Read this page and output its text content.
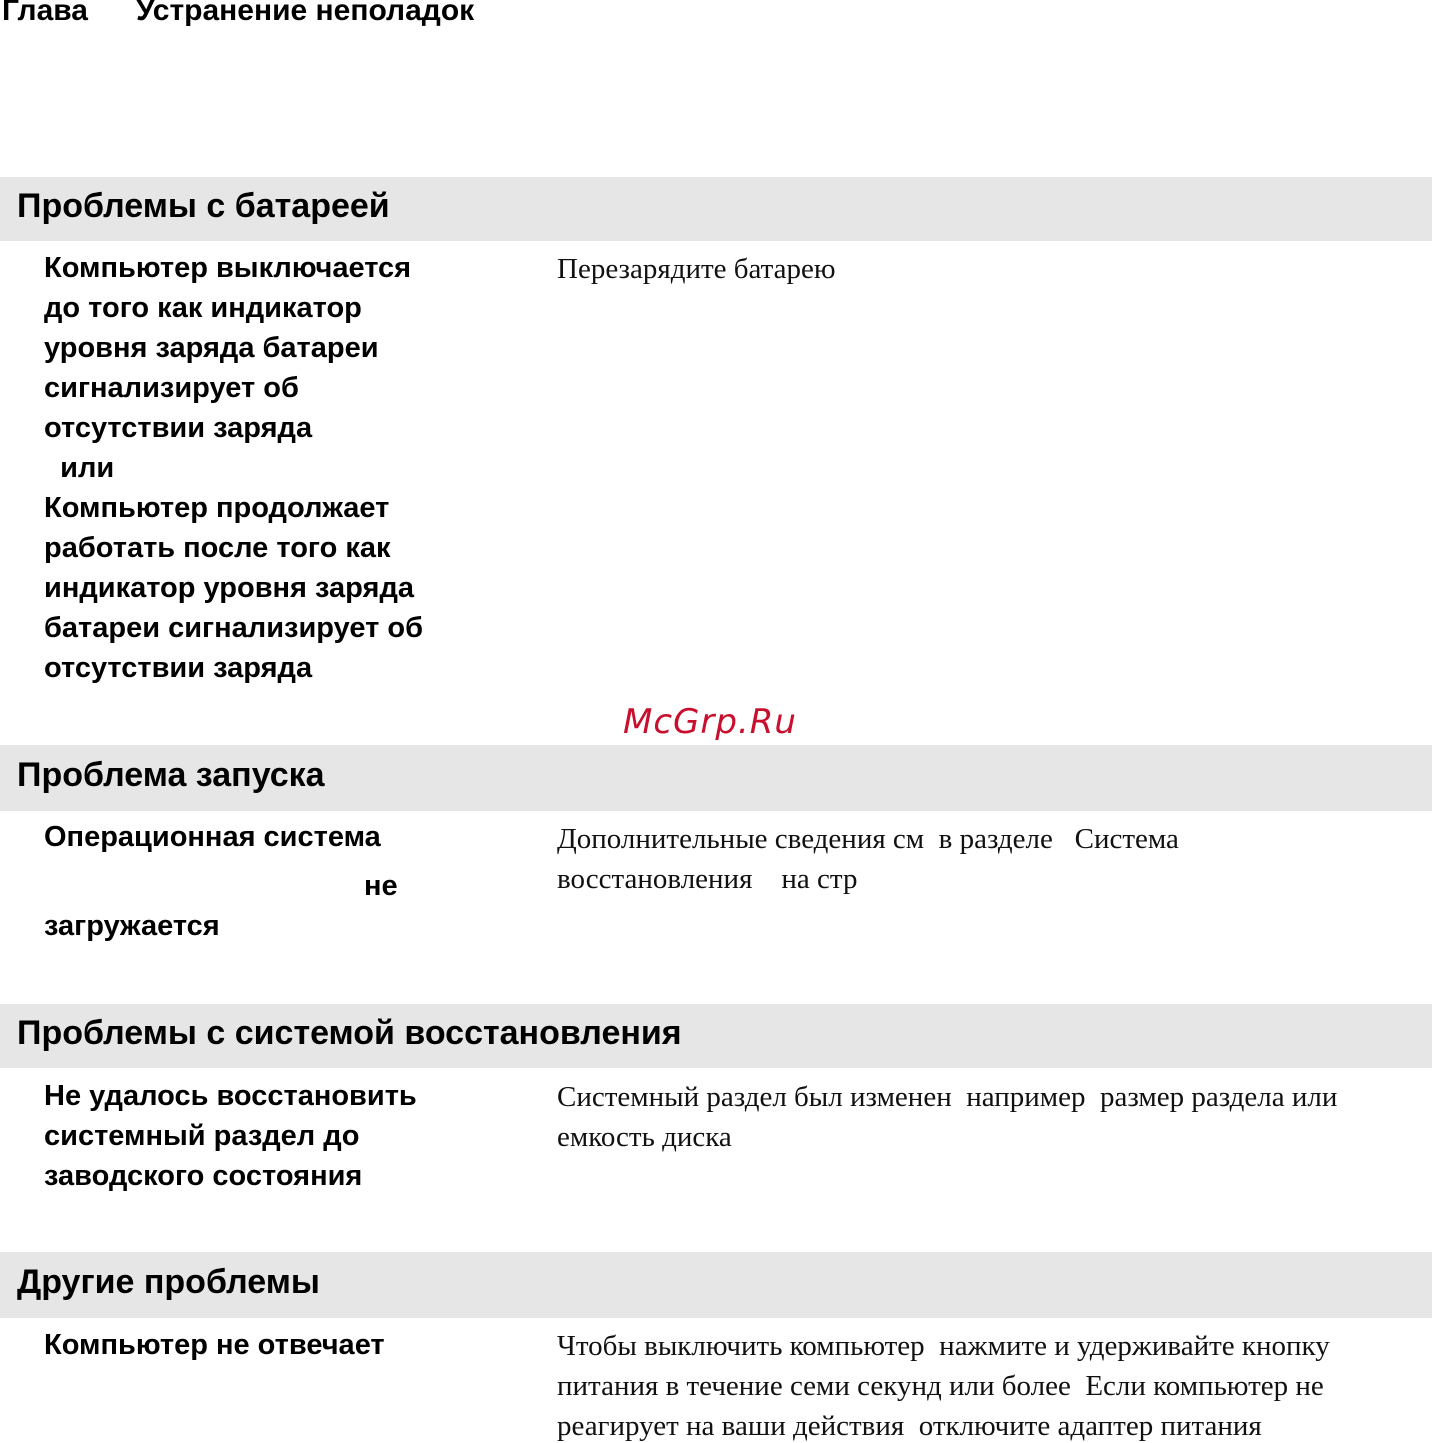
Глава Устранение неполадок
Проблемы с батареей
Компьютер выключается
до того как индикатор
уровня заряда батареи
сигнализирует об
отсутствии заряда
или
Компьютер продолжает
работать после того как
индикатор уровня заряда
батареи сигнализирует об
отсутствии заряда
Перезарядите батарею
McGrp.Ru
Проблема запуска
Операционная система
не
загружается
Дополнительные сведения см  в разделе   Система
восстановления    на стр
Проблемы с системой восстановления
Не удалось восстановить
системный раздел до
заводского состояния
Системный раздел был изменен  например  размер раздела или
емкость диска
Другие проблемы
Компьютер не отвечает	Чтобы выключить компьютер  нажмите и удерживайте кнопку
питания в течение семи секунд или более  Если компьютер не
реагирует на ваши действия  отключите адаптер питания
